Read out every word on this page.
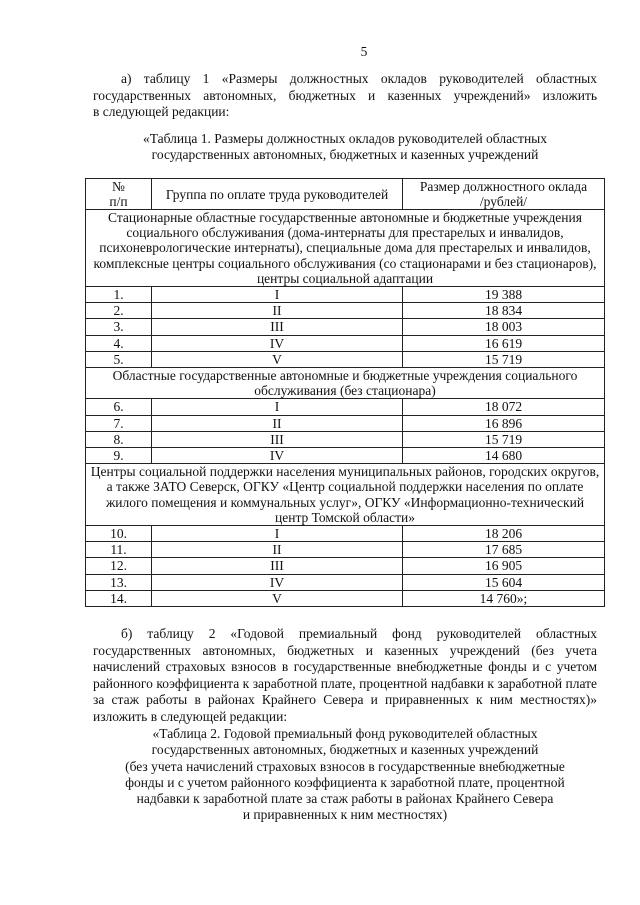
5
а) таблицу 1 «Размеры должностных окладов руководителей областных
государственных автономных, бюджетных и казенных учреждений» изложить
в следующей редакции:
«Таблица 1. Размеры должностных окладов руководителей областных
государственных автономных, бюджетных и казенных учреждений
№
п/п	Группа по оплате труда руководителей	Размер должностного оклада
/рублей/

Стационарные областные государственные автономные и бюджетные учреждения
социального обслуживания (дома-интернаты для престарелых и инвалидов,
психоневрологические интернаты), специальные дома для престарелых и инвалидов,
комплексные центры социального обслуживания (со стационарами и без стационаров),
центры социальной адаптации		

1.	I	19 388
2.	II	18 834
3.	III	18 003
4.	IV	16 619
5.	V	15 719

Областные государственные автономные и бюджетные учреждения социального
обслуживания (без стационара)		

6.	I	18 072
7.	II	16 896
8.	III	15 719
9.	IV	14 680

Центры социальной поддержки населения муниципальных районов, городских округов,
а также ЗАТО Северск, ОГКУ «Центр социальной поддержки населения по оплате
жилого помещения и коммунальных услуг», ОГКУ «Информационно-технический
центр Томской области»		

10.	I	18 206
11.	II	17 685
12.	III	16 905
13.	IV	15 604
14.	V	14 760»;
б) таблицу 2 «Годовой премиальный фонд руководителей областных
государственных автономных, бюджетных и казенных учреждений (без учета
начислений страховых взносов в государственные внебюджетные фонды и с учетом
районного коэффициента к заработной плате, процентной надбавки к заработной плате
за стаж работы в районах Крайнего Севера и приравненных к ним местностях)»
изложить в следующей редакции:
«Таблица 2. Годовой премиальный фонд руководителей областных
государственных автономных, бюджетных и казенных учреждений
(без учета начислений страховых взносов в государственные внебюджетные
фонды и с учетом районного коэффициента к заработной плате, процентной
надбавки к заработной плате за стаж работы в районах Крайнего Севера
и приравненных к ним местностях)
